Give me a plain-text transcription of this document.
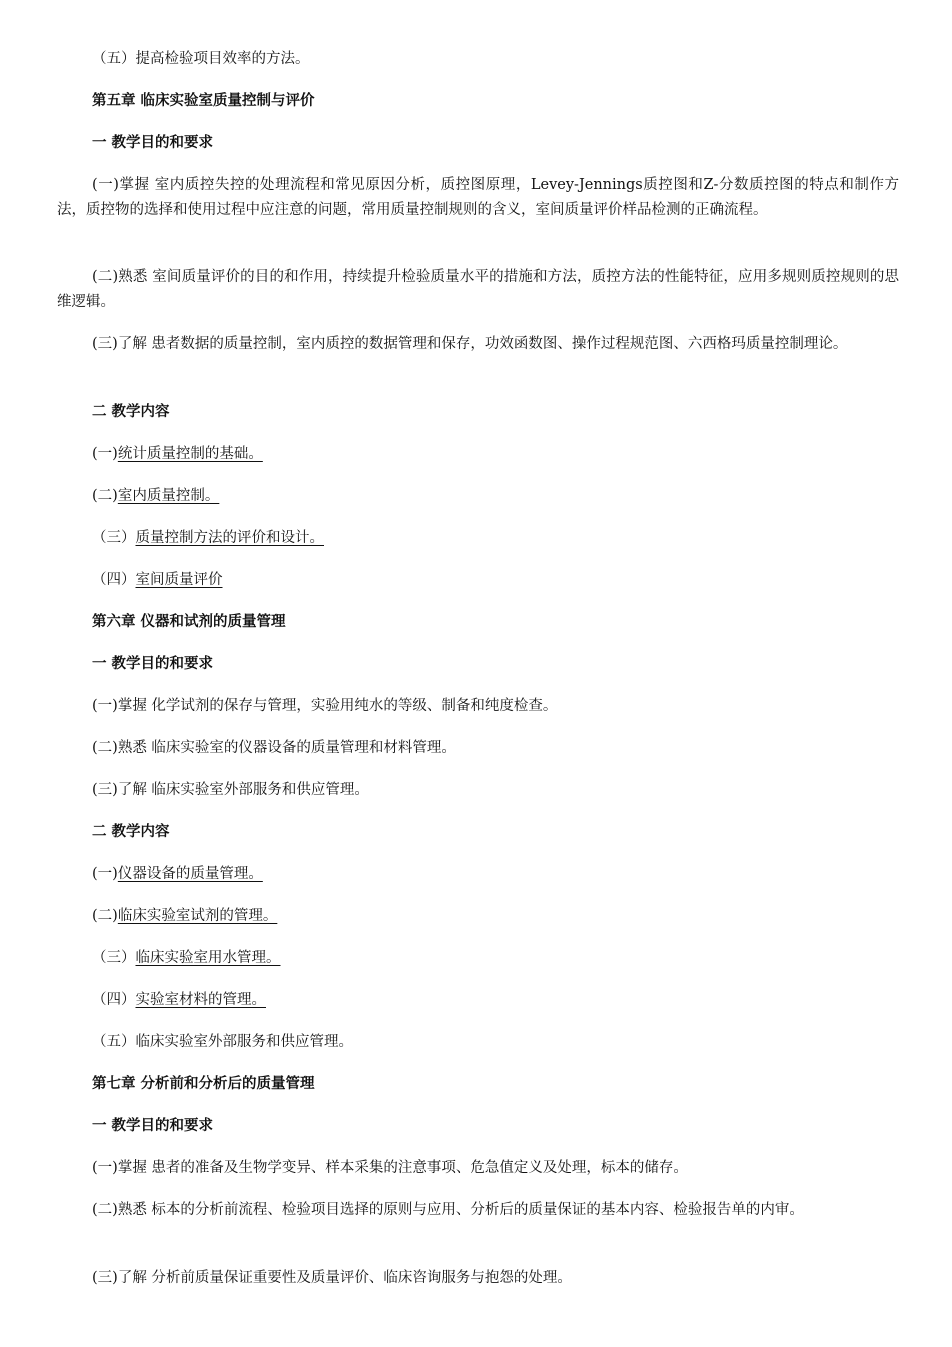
（五）提高检验项目效率的方法。
第五章 临床实验室质量控制与评价
一 教学目的和要求
(一)掌握 室内质控失控的处理流程和常见原因分析，质控图原理，Levey-Jennings质控图和Z-分数质控图的特点和制作方法，质控物的选择和使用过程中应注意的问题，常用质量控制规则的含义，室间质量评价样品检测的正确流程。
(二)熟悉 室间质量评价的目的和作用，持续提升检验质量水平的措施和方法，质控方法的性能特征，应用多规则质控规则的思维逻辑。
(三)了解 患者数据的质量控制，室内质控的数据管理和保存，功效函数图、操作过程规范图、六西格玛质量控制理论。
二 教学内容
(一)统计质量控制的基础。
(二)室内质量控制。
（三）质量控制方法的评价和设计。
（四）室间质量评价
第六章 仪器和试剂的质量管理
一 教学目的和要求
(一)掌握 化学试剂的保存与管理，实验用纯水的等级、制备和纯度检查。
(二)熟悉 临床实验室的仪器设备的质量管理和材料管理。
(三)了解 临床实验室外部服务和供应管理。
二 教学内容
(一)仪器设备的质量管理。
(二)临床实验室试剂的管理。
（三）临床实验室用水管理。
（四）实验室材料的管理。
（五）临床实验室外部服务和供应管理。
第七章 分析前和分析后的质量管理
一 教学目的和要求
(一)掌握 患者的准备及生物学变异、样本采集的注意事项、危急值定义及处理，标本的储存。
(二)熟悉 标本的分析前流程、检验项目选择的原则与应用、分析后的质量保证的基本内容、检验报告单的内审。
(三)了解 分析前质量保证重要性及质量评价、临床咨询服务与抱怨的处理。
